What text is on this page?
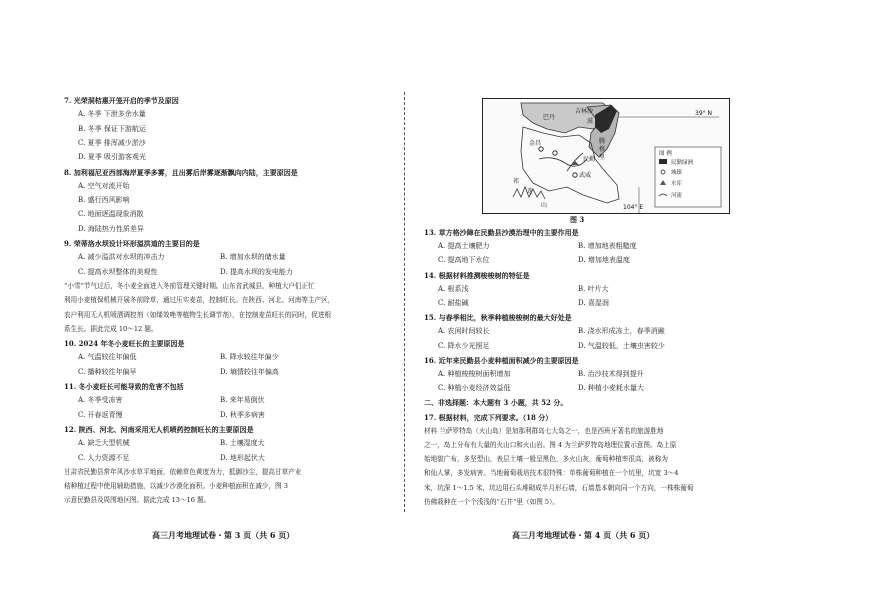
7. 光荣洞桔惠开笼开启的季节及原因
A. 冬季 下泄多余水量
B. 冬季 保证下游航运
C. 夏季 排浑减少淤沙
D. 夏季 吸引游客观光
8. 加利福尼亚西部海岸夏季多雾，且出雾后岸雾逐渐飘向内陆，主要原因是
A. 空气对流开始
B. 盛行西风影响
C. 地面逐温现象消散
D. 海陆热力性质差异
9. 荣蒂洛水坝设计环形溢洪道的主要目的是
A. 减少溢洪对水坝的冲击力	B. 增加水坝的储水量
C. 提高水坝整体的美观性	D. 提高水坝的发电能力
“小雪”节气过后，冬小麦全面进入冬前管理关键时期。山东省武城县，种植大户们正忙
利用小麦植保机械开展冬前除草，通过压实麦苗，控制旺长。在陕西、河北、河南等主产区，
农户利用无人机喷洒调控剂（如烯效唑等植物生长调节剂），在控制麦苗旺长的同时，促进根
系生长。据此完成 10～12 题。
10. 2024 年冬小麦旺长的主要原因是
A. 气温较往年偏低	B. 降水较往年偏少
C. 播种较往年偏早	D. 墒情较往年偏高
11. 冬小麦旺长可能导致的危害不包括
A. 冬季受冻害	B. 来年易倒伏
C. 开春返青慢	D. 秋季多病害
12. 陕西、河北、河南采用无人机喷药控制旺长的主要原因是
A. 缺乏大型机械	B. 土壤湿度大
C. 人力资源不足	D. 地形起伏大
甘肃省民勤县常年风沙水草平地面，依赖草色黄度为力，抵御沙尘，提高甘草产业
秸种植过程中使用辅助措施，以减少沙漠化面积。小麦种植面积在减少，图 3
示意民勤县及周围地区图。据此完成 13～16 题。
巴丹
吉林 沙
漠
腾
格
里
金昌
武威
民勤
祁
连
山
39° N
104° E
图 例
民勤绿洲
城镇
水库
河流
图 3
13. 草方格沙障在民勤县沙漠治理中的主要作用是
A. 提高土壤肥力	B. 增加地表粗糙度
C. 提高地下水位	D. 增加地表温度
14. 根据材料推测梭梭树的特征是
A. 根系浅	B. 叶片大
C. 耐盐碱	D. 喜湿润
15. 与春季相比，秋季种植梭梭树的最大好处是
A. 农闲时间较长	B. 浇水形成冻土，春季消融
C. 降水少光照足	D. 气温较低，土壤虫害较少
16. 近年来民勤县小麦种植面积减少的主要原因是
A. 种植梭梭树面积增加	B. 治沙技术得到提升
C. 种植小麦经济效益低	D. 种植小麦耗水量大
二、非选择题：本大题有 3 小题，共 52 分。
17. 根据材料，完成下列要求。（18 分）
材料 兰萨罗特岛（火山岛）是加那利群岛七大岛之一，也是西班牙著名的旅游胜地
之一，岛上分布有大量的火山口和火山岩。图 4 为兰萨罗特岛地理位置示意图。岛上原
始地貌广布，多坚型山，表层土壤一般呈黑色，多火山灰，葡萄种植率很高，被称为
和仙人掌，多发病害。当地葡萄栽培技术很特殊：单株葡萄种植在一个坑里，坑宽 3～4
米，坑深 1～1.5 米，坑边用石头堆砌成半月形石墙，石墙基本朝向同一个方向，一株株葡萄
仿佛栽种在一个个浅浅的“石井”里（如图 5）。
高三月考地理试卷・第 3 页（共 6 页）	高三月考地理试卷・第 4 页（共 6 页）
